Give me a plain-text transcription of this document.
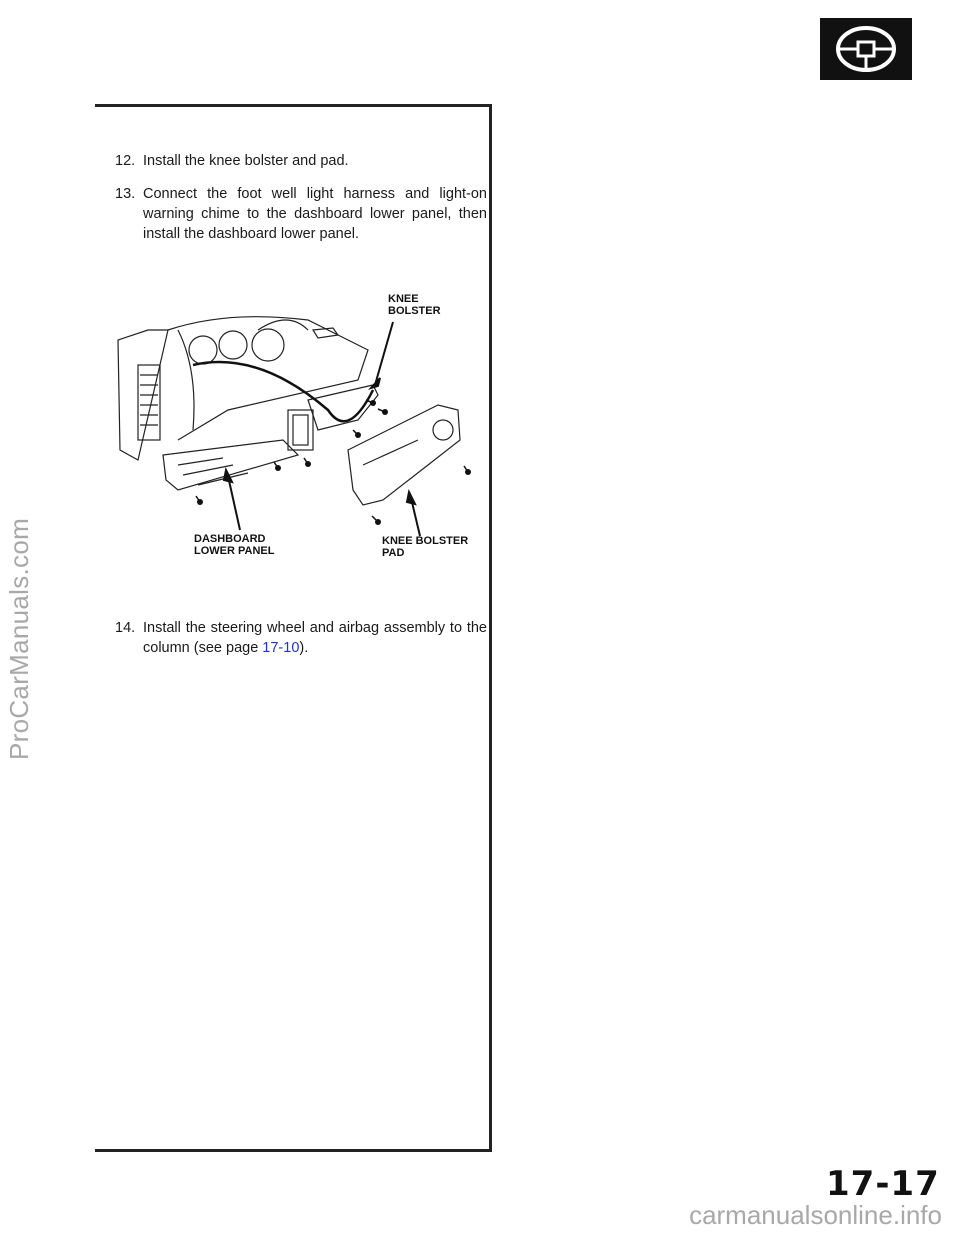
12. Install the knee bolster and pad.
13. Connect the foot well light harness and light-on warning chime to the dashboard lower panel, then install the dashboard lower panel.
KNEE
BOLSTER
DASHBOARD
LOWER PANEL
KNEE BOLSTER
PAD
14. Install the steering wheel and airbag assembly to the column (see page 17-10).
17-17
ProCarManuals.com
carmanualsonline.info
